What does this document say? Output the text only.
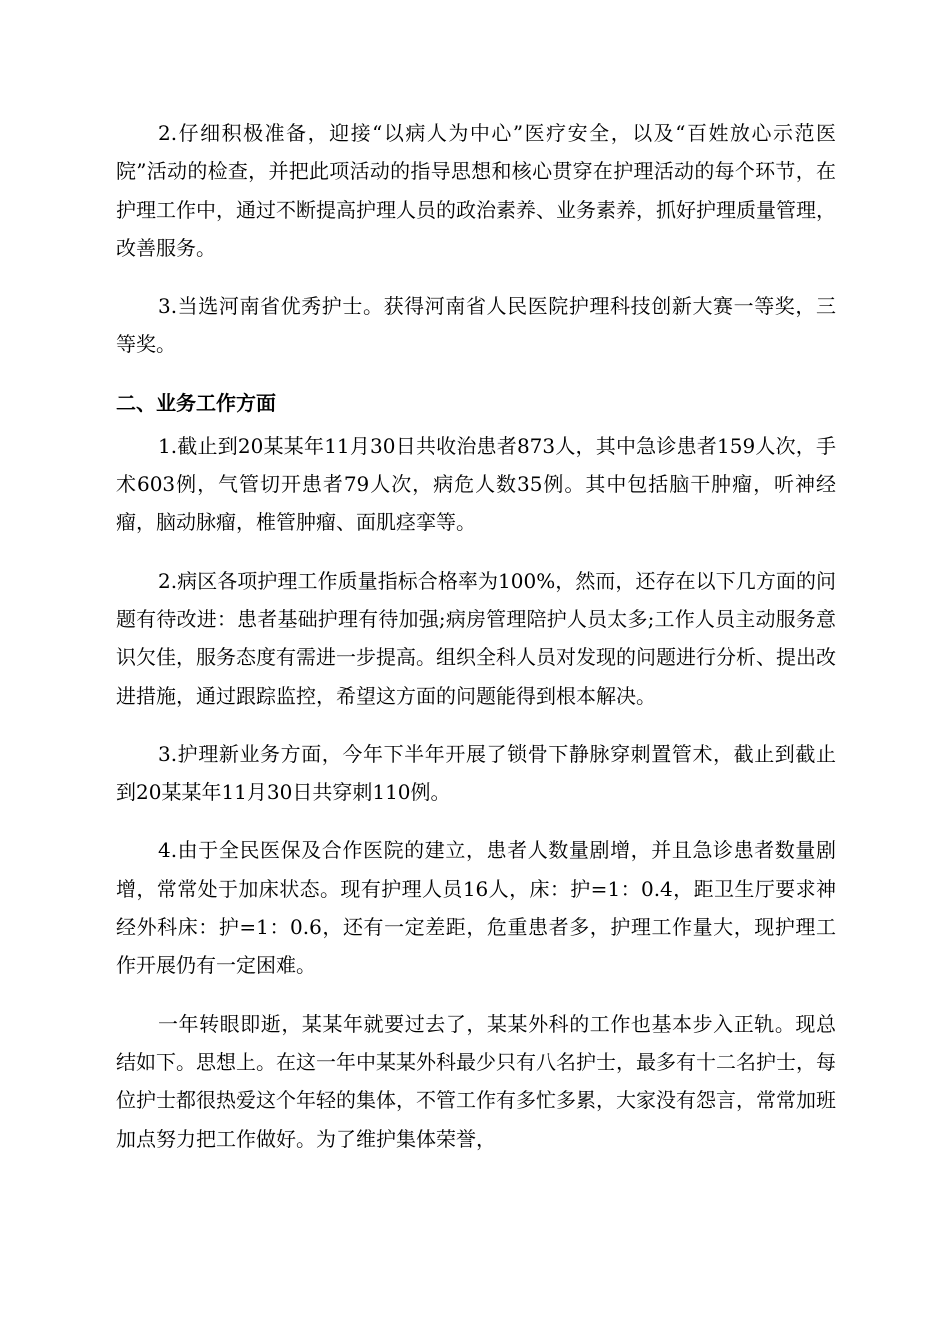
2.仔细积极准备，迎接“以病人为中心”医疗安全，以及“百姓放心示范医院”活动的检查，并把此项活动的指导思想和核心贯穿在护理活动的每个环节，在护理工作中，通过不断提高护理人员的政治素养、业务素养，抓好护理质量管理，改善服务。

3.当选河南省优秀护士。获得河南省人民医院护理科技创新大赛一等奖，三等奖。

二、业务工作方面

1.截止到20某某年11月30日共收治患者873人，其中急诊患者159人次，手术603例，气管切开患者79人次，病危人数35例。其中包括脑干肿瘤，听神经瘤，脑动脉瘤，椎管肿瘤、面肌痉挛等。

2.病区各项护理工作质量指标合格率为100%，然而，还存在以下几方面的问题有待改进：患者基础护理有待加强;病房管理陪护人员太多;工作人员主动服务意识欠佳，服务态度有需进一步提高。组织全科人员对发现的问题进行分析、提出改进措施，通过跟踪监控，希望这方面的问题能得到根本解决。

3.护理新业务方面，今年下半年开展了锁骨下静脉穿刺置管术，截止到截止到20某某年11月30日共穿刺110例。

4.由于全民医保及合作医院的建立，患者人数量剧增，并且急诊患者数量剧增，常常处于加床状态。现有护理人员16人，床：护=1：0.4，距卫生厅要求神经外科床：护=1：0.6，还有一定差距，危重患者多，护理工作量大，现护理工作开展仍有一定困难。

一年转眼即逝，某某年就要过去了，某某外科的工作也基本步入正轨。现总结如下。思想上。在这一年中某某外科最少只有八名护士，最多有十二名护士，每位护士都很热爱这个年轻的集体，不管工作有多忙多累，大家没有怨言，常常加班加点努力把工作做好。为了维护集体荣誉，
